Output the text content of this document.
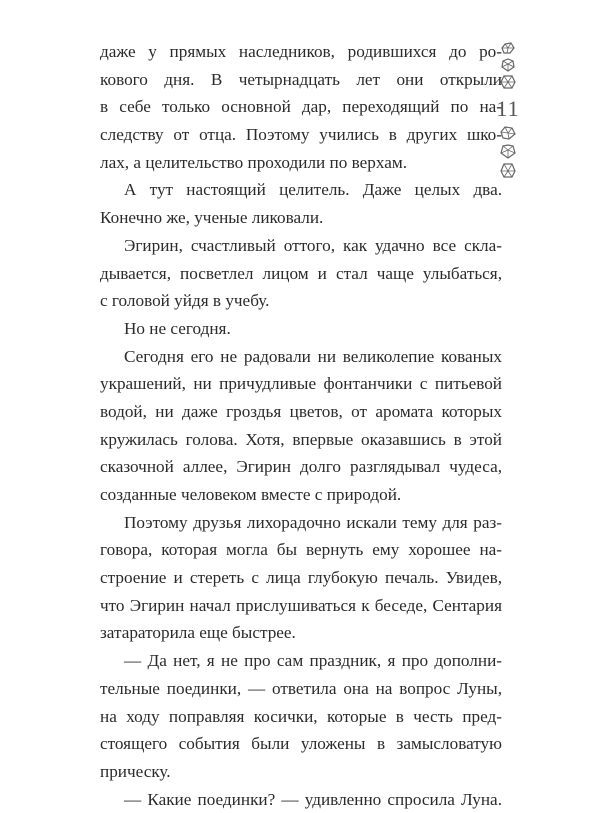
11
даже у прямых наследников, родившихся до ро-
кового дня. В четырнадцать лет они открыли
в себе только основной дар, переходящий по на-
следству от отца. Поэтому учились в других шко-
лах, а целительство проходили по верхам.
А тут настоящий целитель. Даже целых два.
Конечно же, ученые ликовали.
Эгирин, счастливый оттого, как удачно все скла-
дывается, посветлел лицом и стал чаще улыбаться,
с головой уйдя в учебу.
Но не сегодня.
Сегодня его не радовали ни великолепие кованых
украшений, ни причудливые фонтанчики с питьевой
водой, ни даже гроздья цветов, от аромата которых
кружилась голова. Хотя, впервые оказавшись в этой
сказочной аллее, Эгирин долго разглядывал чудеса,
созданные человеком вместе с природой.
Поэтому друзья лихорадочно искали тему для раз-
говора, которая могла бы вернуть ему хорошее на-
строение и стереть с лица глубокую печаль. Увидев,
что Эгирин начал прислушиваться к беседе, Сентария
затараторила еще быстрее.
— Да нет, я не про сам праздник, я про дополни-
тельные поединки, — ответила она на вопрос Луны,
на ходу поправляя косички, которые в честь пред-
стоящего события были уложены в замысловатую
прическу.
— Какие поединки? — удивленно спросила Луна.
